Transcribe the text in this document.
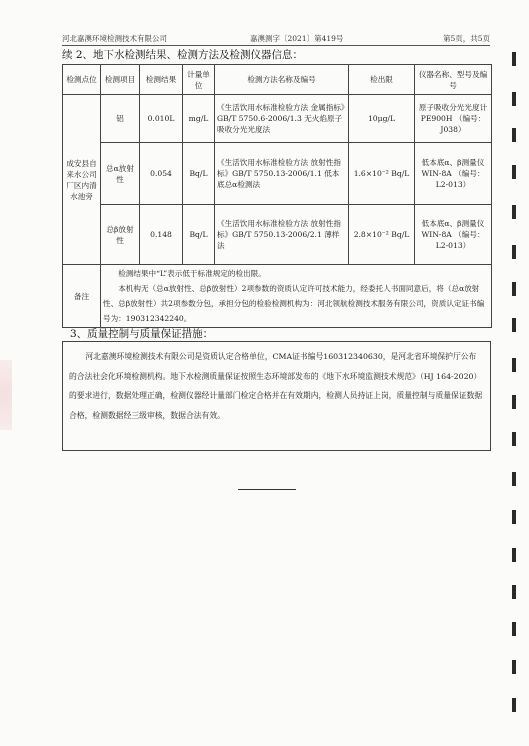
河北嘉澳环境检测技术有限公司	嘉澳测字〔2021〕第419号	第5页，共5页
续 2、地下水检测结果、检测方法及检测仪器信息：
检测点位	检测项目	检测结果	计量单位	检测方法名称及编号	检出限	仪器名称、型号及编号
成安县自来水公司厂区内清水池旁	铝	0.010L	mg/L	《生活饮用水标准检验方法 金属指标》GB/T 5750.6-2006/1.3 无火焰原子吸收分光光度法	10μg/L	原子吸收分光光度计 PE900H （编号：J038）
	总α放射性	0.054	Bq/L	《生活饮用水标准检验方法 放射性指标》GB/T 5750.13-2006/1.1 低本底总α检测法	1.6×10⁻² Bq/L	低本底α、β测量仪 WIN-8A （编号：L2-013）
	总β放射性	0.148	Bq/L	《生活饮用水标准检验方法 放射性指标》GB/T 5750.13-2006/2.1 薄样法	2.8×10⁻² Bq/L	低本底α、β测量仪 WIN-8A （编号：L2-013）
备注	检测结果中“L”表示低于标准规定的检出限。

本机构无（总α放射性、总β放射性）2项参数的资质认定许可技术能力，经委托人书面同意后，将（总α放射性、总β放射性）共2项参数分包，承担分包的检验检测机构为：河北领航检测技术服务有限公司，资质认定证书编号为：190312342240。					

3、质量控制与质量保证措施：
河北嘉澳环境检测技术有限公司是资质认定合格单位，CMA证书编号160312340630，是河北省环境保护厅公布的合法社会化环境检测机构。地下水检测质量保证按照生态环境部发布的《地下水环境监测技术规范》（HJ 164-2020）的要求进行，数据处理正确，检测仪器经计量部门检定合格并在有效期内，检测人员持证上岗，质量控制与质量保证数据合格，检测数据经三级审核，数据合法有效。
